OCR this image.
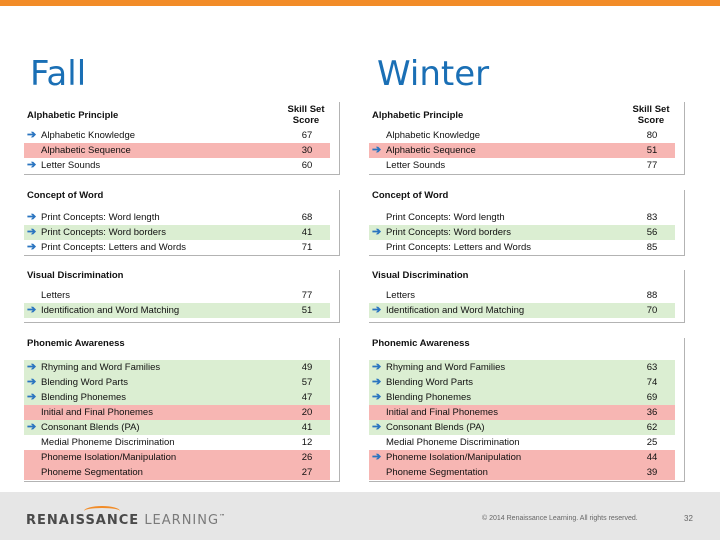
Fall	Winter
Alphabetic Principle
Skill Set
Score
➔ Alphabetic Knowledge	67
Alphabetic Sequence	30
➔ Letter Sounds	60
Concept of Word
➔ Print Concepts: Word length	68
➔ Print Concepts: Word borders	41
➔ Print Concepts: Letters and Words	71
Visual Discrimination
Letters	77
➔ Identification and Word Matching	51
Phonemic Awareness
➔ Rhyming and Word Families	49
➔ Blending Word Parts	57
➔ Blending Phonemes	47
Initial and Final Phonemes	20
➔ Consonant Blends (PA)	41
Medial Phoneme Discrimination	12
Phoneme Isolation/Manipulation	26
Phoneme Segmentation	27
Alphabetic Principle
Skill Set
Score
Alphabetic Knowledge	80
➔ Alphabetic Sequence	51
Letter Sounds	77
Concept of Word
Print Concepts: Word length	83
➔ Print Concepts: Word borders	56
Print Concepts: Letters and Words	85
Visual Discrimination
Letters	88
➔ Identification and Word Matching	70
Phonemic Awareness
➔ Rhyming and Word Families	63
➔ Blending Word Parts	74
➔ Blending Phonemes	69
Initial and Final Phonemes	36
➔ Consonant Blends (PA)	62
Medial Phoneme Discrimination	25
➔ Phoneme Isolation/Manipulation	44
Phoneme Segmentation	39
RENAISSANCE LEARNING™	© 2014 Renaissance Learning. All rights reserved.	32
